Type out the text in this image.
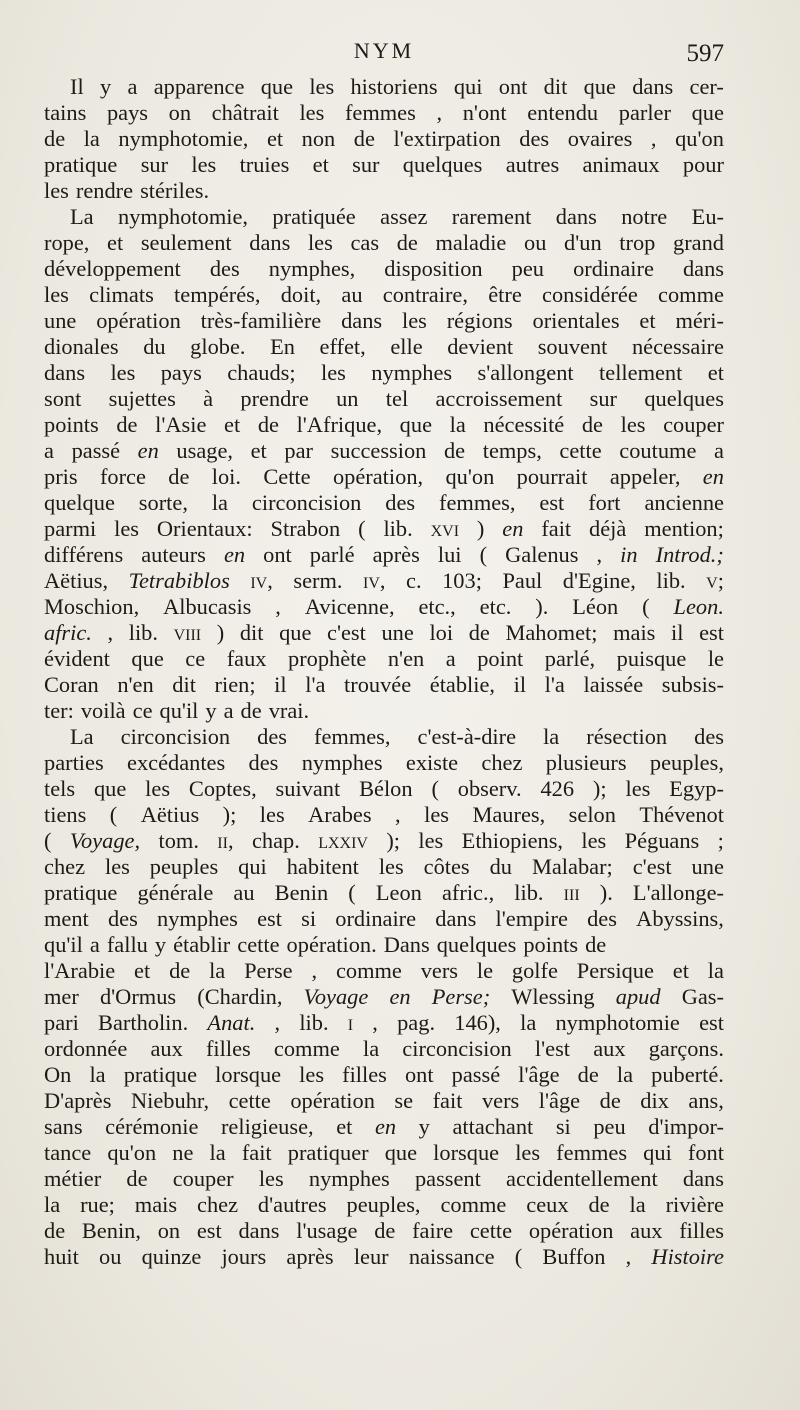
NYM	597
Il y a apparence que les historiens qui ont dit que dans cer-
tains pays on châtrait les femmes , n'ont entendu parler que
de la nymphotomie, et non de l'extirpation des ovaires , qu'on
pratique sur les truies et sur quelques autres animaux pour
les rendre stériles.
La nymphotomie, pratiquée assez rarement dans notre Eu-
rope, et seulement dans les cas de maladie ou d'un trop grand
développement des nymphes, disposition peu ordinaire dans
les climats tempérés, doit, au contraire, être considérée comme
une opération très-familière dans les régions orientales et méri-
dionales du globe. En effet, elle devient souvent nécessaire
dans les pays chauds; les nymphes s'allongent tellement et
sont sujettes à prendre un tel accroissement sur quelques
points de l'Asie et de l'Afrique, que la nécessité de les couper
a passé en usage, et par succession de temps, cette coutume a
pris force de loi. Cette opération, qu'on pourrait appeler, en
quelque sorte, la circoncision des femmes, est fort ancienne
parmi les Orientaux: Strabon ( lib. xvi ) en fait déjà mention;
différens auteurs en ont parlé après lui ( Galenus , in Introd.;
Aëtius, Tetrabiblos iv, serm. iv, c. 103; Paul d'Egine, lib. v;
Moschion, Albucasis , Avicenne, etc., etc. ). Léon ( Leon.
afric. , lib. viii ) dit que c'est une loi de Mahomet; mais il est
évident que ce faux prophète n'en a point parlé, puisque le
Coran n'en dit rien; il l'a trouvée établie, il l'a laissée subsis-
ter: voilà ce qu'il y a de vrai.
La circoncision des femmes, c'est-à-dire la résection des
parties excédantes des nymphes existe chez plusieurs peuples,
tels que les Coptes, suivant Bélon ( observ. 426 ); les Egyp-
tiens ( Aëtius ); les Arabes , les Maures, selon Thévenot
( Voyage, tom. ii, chap. lxxiv ); les Ethiopiens, les Péguans ;
chez les peuples qui habitent les côtes du Malabar; c'est une
pratique générale au Benin ( Leon afric., lib. iii ). L'allonge-
ment des nymphes est si ordinaire dans l'empire des Abyssins,
qu'il a fallu y établir cette opération. Dans quelques points de
l'Arabie et de la Perse , comme vers le golfe Persique et la
mer d'Ormus (Chardin, Voyage en Perse; Wlessing apud Gas-
pari Bartholin. Anat. , lib. i , pag. 146), la nymphotomie est
ordonnée aux filles comme la circoncision l'est aux garçons.
On la pratique lorsque les filles ont passé l'âge de la puberté.
D'après Niebuhr, cette opération se fait vers l'âge de dix ans,
sans cérémonie religieuse, et en y attachant si peu d'impor-
tance qu'on ne la fait pratiquer que lorsque les femmes qui font
métier de couper les nymphes passent accidentellement dans
la rue; mais chez d'autres peuples, comme ceux de la rivière
de Benin, on est dans l'usage de faire cette opération aux filles
huit ou quinze jours après leur naissance ( Buffon , Histoire
